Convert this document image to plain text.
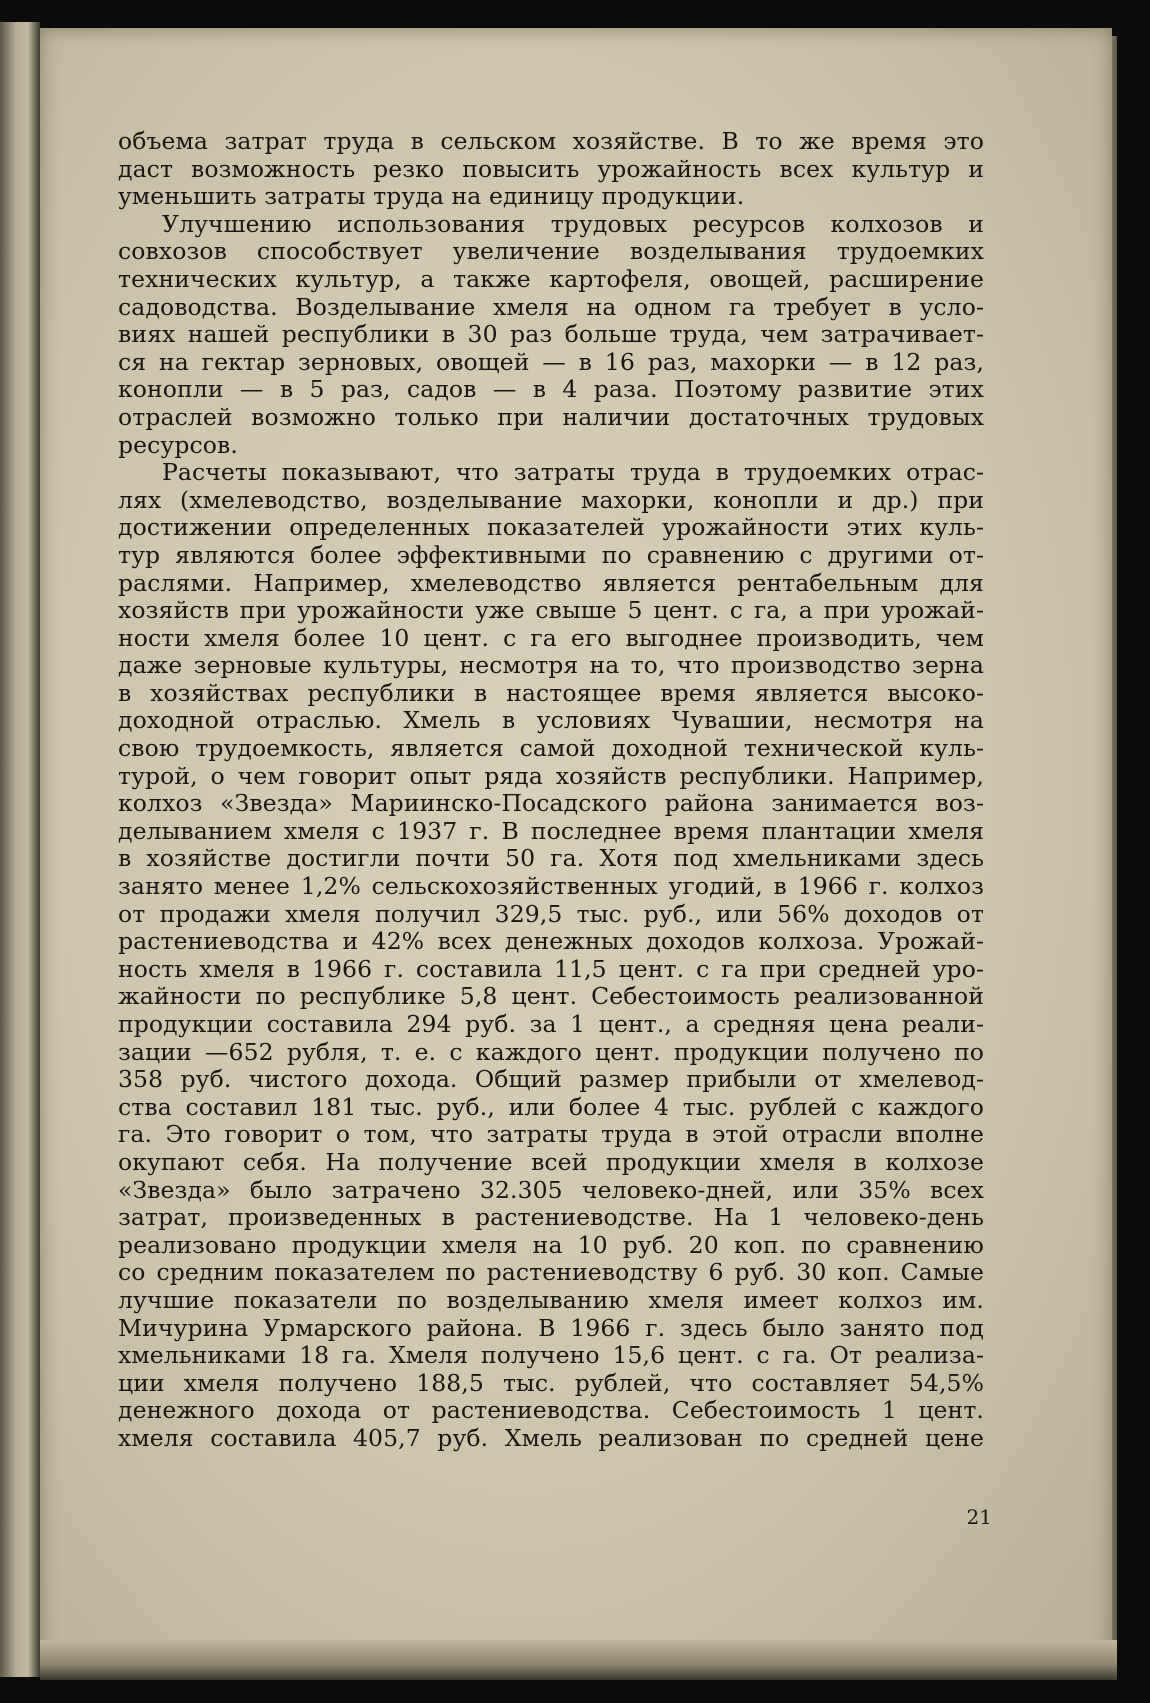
объема затрат труда в сельском хозяйстве. В то же время это
даст возможность резко повысить урожайность всех культур и
уменьшить затраты труда на единицу продукции.
Улучшению использования трудовых ресурсов колхозов и
совхозов способствует увеличение возделывания трудоемких
технических культур, а также картофеля, овощей, расширение
садоводства. Возделывание хмеля на одном га требует в усло-
виях нашей республики в 30 раз больше труда, чем затрачивает-
ся на гектар зерновых, овощей — в 16 раз, махорки — в 12 раз,
конопли — в 5 раз, садов — в 4 раза. Поэтому развитие этих
отраслей возможно только при наличии достаточных трудовых
ресурсов.
Расчеты показывают, что затраты труда в трудоемких отрас-
лях (хмелеводство, возделывание махорки, конопли и др.) при
достижении определенных показателей урожайности этих куль-
тур являются более эффективными по сравнению с другими от-
раслями. Например, хмелеводство является рентабельным для
хозяйств при урожайности уже свыше 5 цент. с га, а при урожай-
ности хмеля более 10 цент. с га его выгоднее производить, чем
даже зерновые культуры, несмотря на то, что производство зерна
в хозяйствах республики в настоящее время является высоко-
доходной отраслью. Хмель в условиях Чувашии, несмотря на
свою трудоемкость, является самой доходной технической куль-
турой, о чем говорит опыт ряда хозяйств республики. Например,
колхоз «Звезда» Мариинско-Посадского района занимается воз-
делыванием хмеля с 1937 г. В последнее время плантации хмеля
в хозяйстве достигли почти 50 га. Хотя под хмельниками здесь
занято менее 1,2% сельскохозяйственных угодий, в 1966 г. колхоз
от продажи хмеля получил 329,5 тыс. руб., или 56% доходов от
растениеводства и 42% всех денежных доходов колхоза. Урожай-
ность хмеля в 1966 г. составила 11,5 цент. с га при средней уро-
жайности по республике 5,8 цент. Себестоимость реализованной
продукции составила 294 руб. за 1 цент., а средняя цена реали-
зации —652 рубля, т. е. с каждого цент. продукции получено по
358 руб. чистого дохода. Общий размер прибыли от хмелевод-
ства составил 181 тыс. руб., или более 4 тыс. рублей с каждого
га. Это говорит о том, что затраты труда в этой отрасли вполне
окупают себя. На получение всей продукции хмеля в колхозе
«Звезда» было затрачено 32.305 человеко-дней, или 35% всех
затрат, произведенных в растениеводстве. На 1 человеко-день
реализовано продукции хмеля на 10 руб. 20 коп. по сравнению
со средним показателем по растениеводству 6 руб. 30 коп. Самые
лучшие показатели по возделыванию хмеля имеет колхоз им.
Мичурина Урмарского района. В 1966 г. здесь было занято под
хмельниками 18 га. Хмеля получено 15,6 цент. с га. От реализа-
ции хмеля получено 188,5 тыс. рублей, что составляет 54,5%
денежного дохода от растениеводства. Себестоимость 1 цент.
хмеля составила 405,7 руб. Хмель реализован по средней цене
21
